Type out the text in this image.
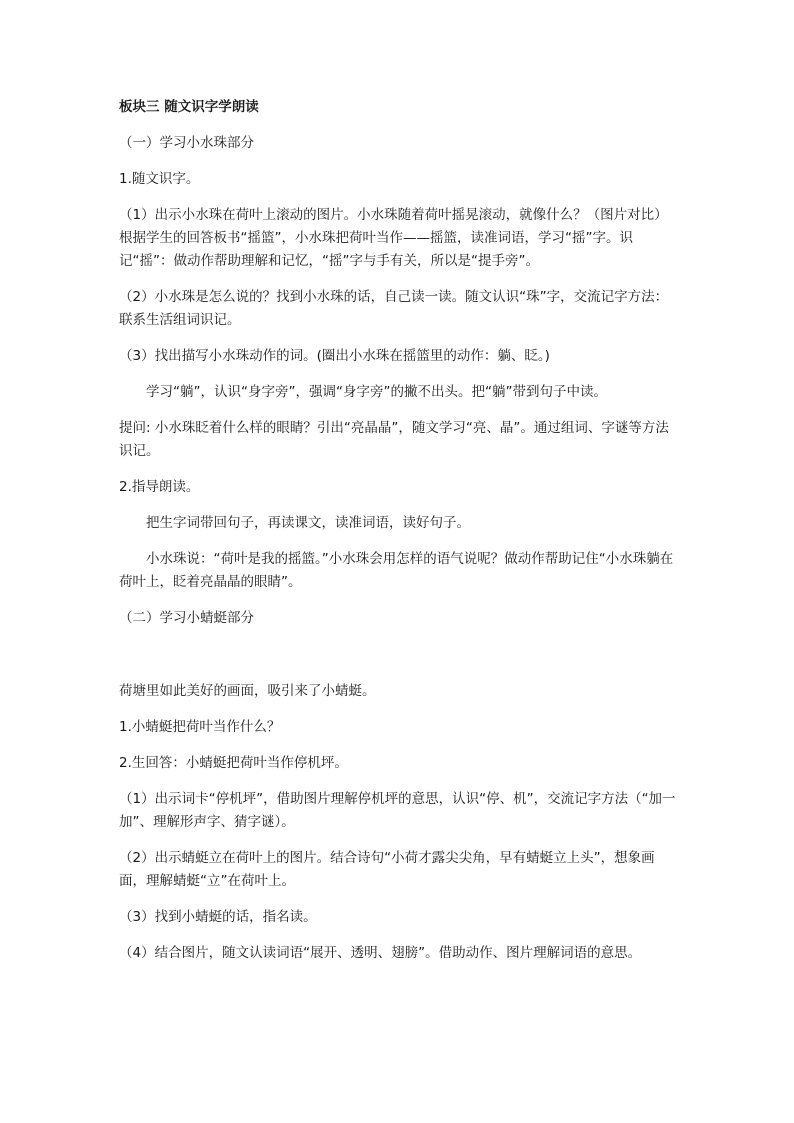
板块三 随文识字学朗读

（一）学习小水珠部分

1.随文识字。

（1）出示小水珠在荷叶上滚动的图片。小水珠随着荷叶摇晃滚动，就像什么？（图片对比）根据学生的回答板书“摇篮”，小水珠把荷叶当作——摇篮，读准词语，学习“摇”字。识记“摇”：做动作帮助理解和记忆，“摇”字与手有关，所以是“提手旁”。

（2）小水珠是怎么说的？找到小水珠的话，自己读一读。随文认识“珠”字，交流记字方法：联系生活组词识记。

（3）找出描写小水珠动作的词。(圈出小水珠在摇篮里的动作：躺、眨。)

学习“躺”，认识“身字旁”，强调“身字旁”的撇不出头。把“躺”带到句子中读。

提问: 小水珠眨着什么样的眼睛？引出“亮晶晶”，随文学习“亮、晶”。通过组词、字谜等方法识记。

2.指导朗读。

把生字词带回句子，再读课文，读准词语，读好句子。

小水珠说：“荷叶是我的摇篮。”小水珠会用怎样的语气说呢？做动作帮助记住“小水珠躺在荷叶上，眨着亮晶晶的眼睛”。

（二）学习小蜻蜓部分

荷塘里如此美好的画面，吸引来了小蜻蜓。

1.小蜻蜓把荷叶当作什么？

2.生回答：小蜻蜓把荷叶当作停机坪。

（1）出示词卡“停机坪”，借助图片理解停机坪的意思，认识“停、机”，交流记字方法（“加一加”、理解形声字、猜字谜）。

（2）出示蜻蜓立在荷叶上的图片。结合诗句“小荷才露尖尖角，早有蜻蜓立上头”，想象画面，理解蜻蜓“立”在荷叶上。

（3）找到小蜻蜓的话，指名读。

（4）结合图片，随文认读词语“展开、透明、翅膀”。借助动作、图片理解词语的意思。
